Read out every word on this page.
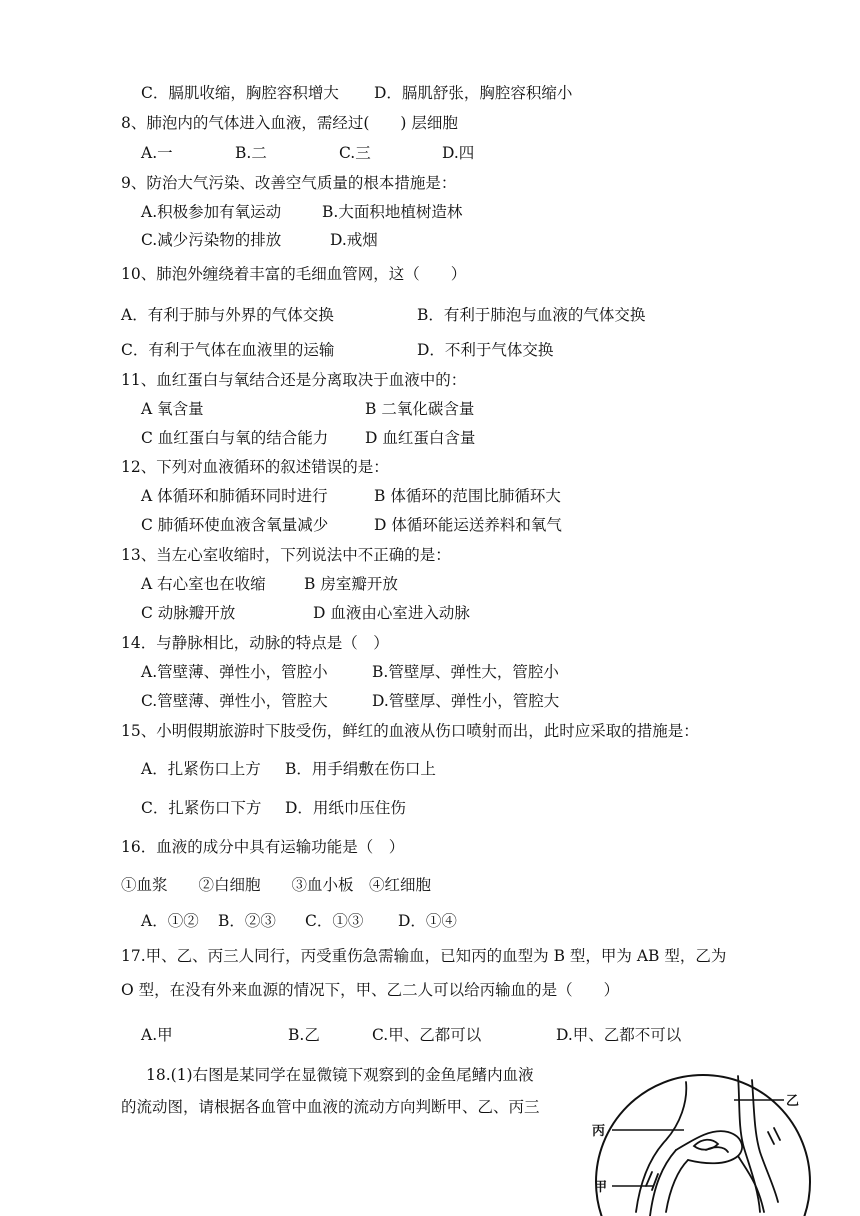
C．膈肌收缩，胸腔容积增大 D．膈肌舒张，胸腔容积缩小
8、肺泡内的气体进入血液，需经过(　　) 层细胞
A.一	B.二	C.三	D.四
9、防治大气污染、改善空气质量的根本措施是：
A.积极参加有氧运动	B.大面积地植树造林
C.减少污染物的排放	D.戒烟
10、肺泡外缠绕着丰富的毛细血管网，这（　　）
A．有利于肺与外界的气体交换	B．有利于肺泡与血液的气体交换
C．有利于气体在血液里的运输	D．不利于气体交换
11、血红蛋白与氧结合还是分离取决于血液中的：
A 氧含量	B 二氧化碳含量
C 血红蛋白与氧的结合能力 D 血红蛋白含量
12、下列对血液循环的叙述错误的是：
A 体循环和肺循环同时进行	B 体循环的范围比肺循环大
C 肺循环使血液含氧量减少	D 体循环能运送养料和氧气
13、当左心室收缩时，下列说法中不正确的是：
A 右心室也在收缩 B 房室瓣开放
C 动脉瓣开放	D 血液由心室进入动脉
14．与静脉相比，动脉的特点是（　）
A.管壁薄、弹性小，管腔小	B.管壁厚、弹性大，管腔小
C.管壁薄、弹性小，管腔大	D.管壁厚、弹性小，管腔大
15、小明假期旅游时下肢受伤，鲜红的血液从伤口喷射而出，此时应采取的措施是：
A．扎紧伤口上方 B．用手绢敷在伤口上
C．扎紧伤口下方 D．用纸巾压住伤
16．血液的成分中具有运输功能是（　）
①血浆　　②白细胞　　③血小板　④红细胞
A．①② B．②③ C．①③ D．①④
17.甲、乙、丙三人同行，丙受重伤急需输血，已知丙的血型为 B 型，甲为 AB 型，乙为
O 型，在没有外来血源的情况下，甲、乙二人可以给丙输血的是（　　）
A.甲	B.乙	C.甲、乙都可以	D.甲、乙都不可以
18.(1)右图是某同学在显微镜下观察到的金鱼尾鳍内血液
的流动图，请根据各血管中血液的流动方向判断甲、乙、丙三	乙
丙
甲
